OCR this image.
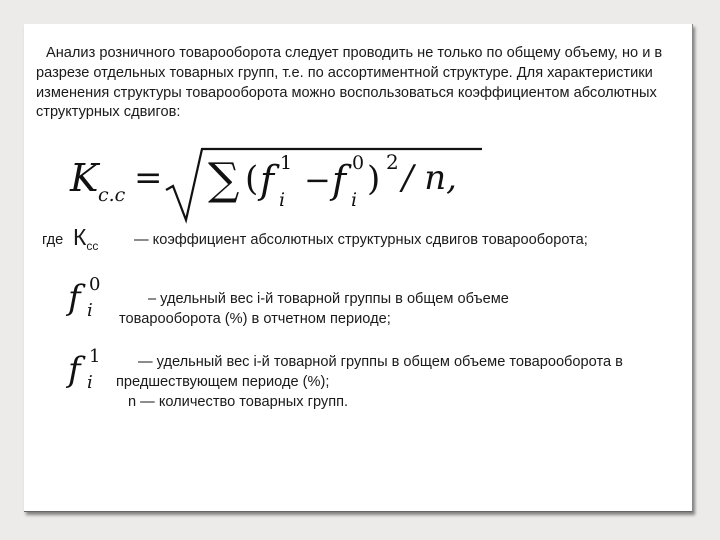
Анализ розничного товарооборота следует проводить не только по общему объему, но и в разрезе отдельных товарных групп, т.е. по ассортиментной структуре. Для характеристики изменения структуры товарооборота можно воспользоваться коэффициентом абсолютных структурных сдвигов:

K c.c = ∑ ( f 1
i
− f 0
i
) 2 / n,
где $К_{сс}$ — коэффициент абсолютных структурных сдвигов товарооборота;
f 0
i
– удельный вес i-й товарной группы в общем объеме
товарооборота (%) в отчетном периоде;
f 1
i
— удельный вес i-й товарной группы в общем объеме товарооборота в
предшествующем периоде (%);
n — количество товарных групп.
